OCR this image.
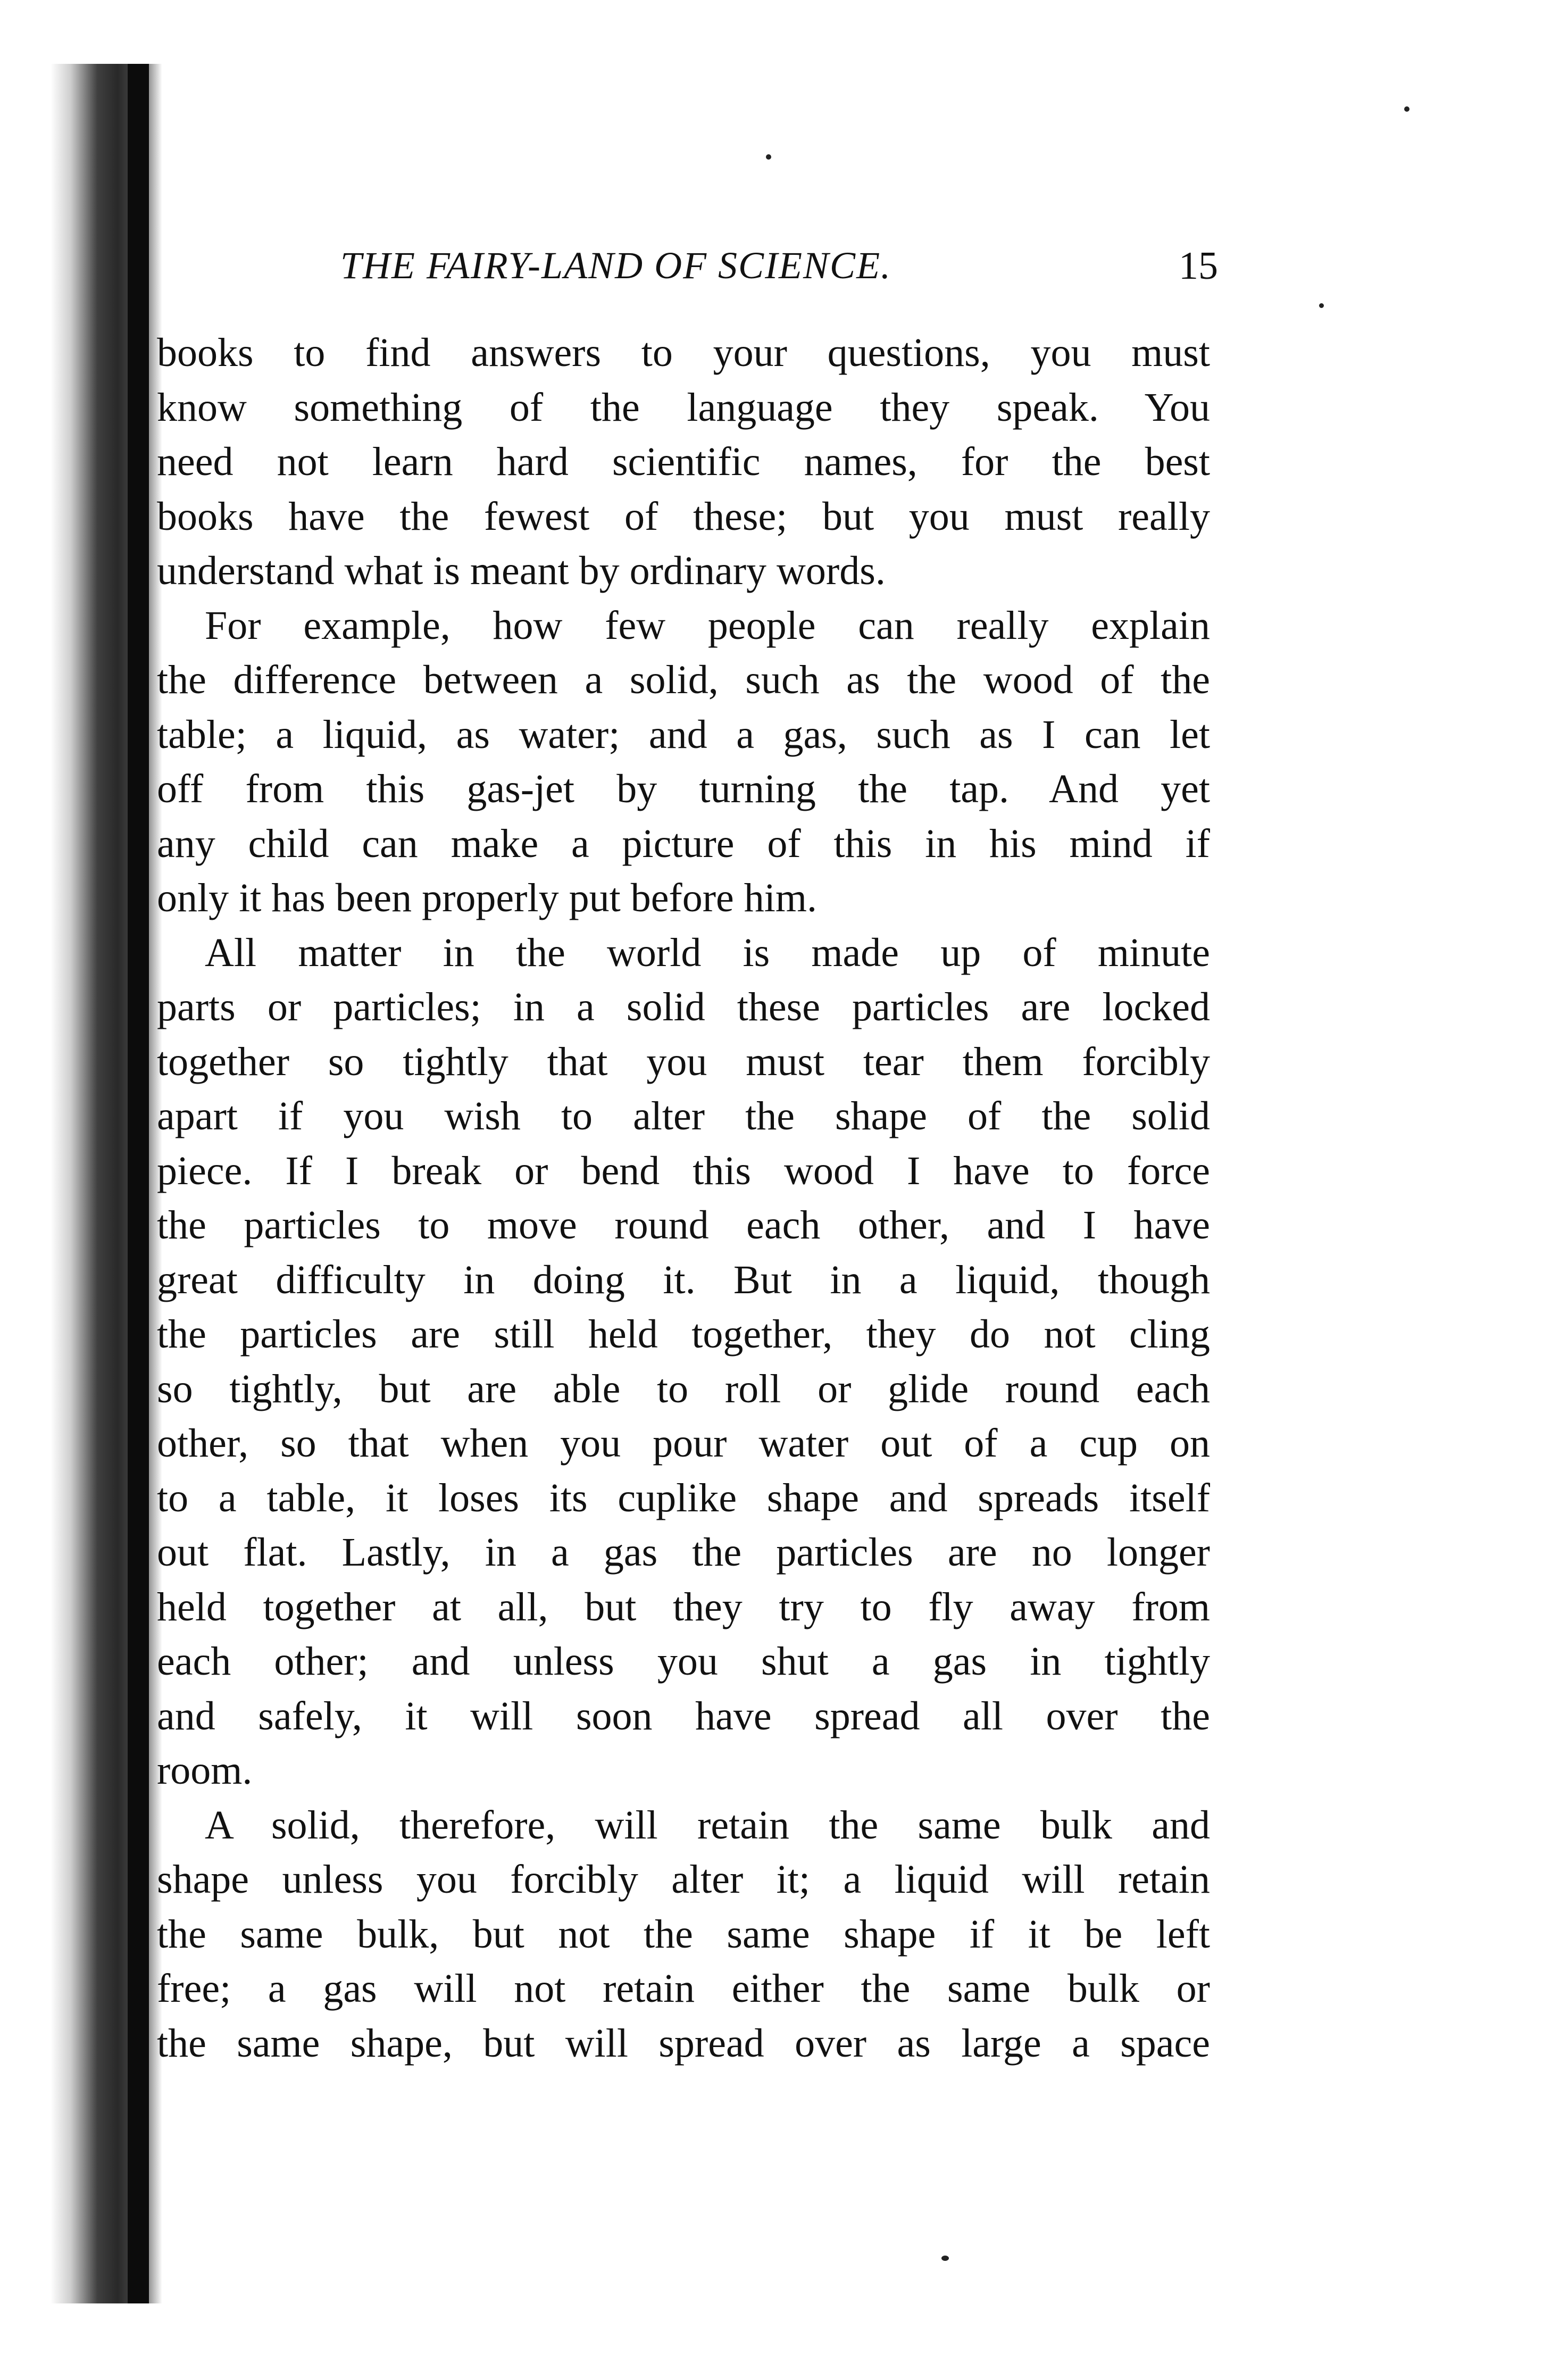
THE FAIRY-LAND OF SCIENCE.	15
books to find answers to your questions, you must
know something of the language they speak. You
need not learn hard scientific names, for the best
books have the fewest of these; but you must really
understand what is meant by ordinary words.
For example, how few people can really explain
the difference between a solid, such as the wood of the
table; a liquid, as water; and a gas, such as I can let
off from this gas-jet by turning the tap. And yet
any child can make a picture of this in his mind if
only it has been properly put before him.
All matter in the world is made up of minute
parts or particles; in a solid these particles are locked
together so tightly that you must tear them forcibly
apart if you wish to alter the shape of the solid
piece. If I break or bend this wood I have to force
the particles to move round each other, and I have
great difficulty in doing it. But in a liquid, though
the particles are still held together, they do not cling
so tightly, but are able to roll or glide round each
other, so that when you pour water out of a cup on
to a table, it loses its cuplike shape and spreads itself
out flat. Lastly, in a gas the particles are no longer
held together at all, but they try to fly away from
each other; and unless you shut a gas in tightly
and safely, it will soon have spread all over the
room.
A solid, therefore, will retain the same bulk and
shape unless you forcibly alter it; a liquid will retain
the same bulk, but not the same shape if it be left
free; a gas will not retain either the same bulk or
the same shape, but will spread over as large a space
